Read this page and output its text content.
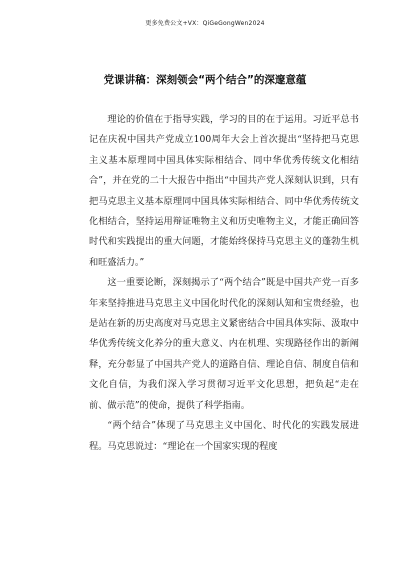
更多免费公文+VX：QiGeGongWen2024
党课讲稿：深刻领会“两个结合”的深邃意蕴

理论的价值在于指导实践，学习的目的在于运用。习近平总书记在庆祝中国共产党成立100周年大会上首次提出“坚持把马克思主义基本原理同中国具体实际相结合、同中华优秀传统文化相结合”，并在党的二十大报告中指出“中国共产党人深刻认识到，只有把马克思主义基本原理同中国具体实际相结合、同中华优秀传统文化相结合，坚持运用辩证唯物主义和历史唯物主义，才能正确回答时代和实践提出的重大问题，才能始终保持马克思主义的蓬勃生机和旺盛活力。”

这一重要论断，深刻揭示了“两个结合”既是中国共产党一百多年来坚持推进马克思主义中国化时代化的深刻认知和宝贵经验，也是站在新的历史高度对马克思主义紧密结合中国具体实际、汲取中华优秀传统文化养分的重大意义、内在机理、实现路径作出的新阐释，充分彰显了中国共产党人的道路自信、理论自信、制度自信和文化自信，为我们深入学习贯彻习近平文化思想，把负起“走在前、做示范”的使命，提供了科学指南。

“两个结合”体现了马克思主义中国化、时代化的实践发展进程。马克思说过：“理论在一个国家实现的程度
